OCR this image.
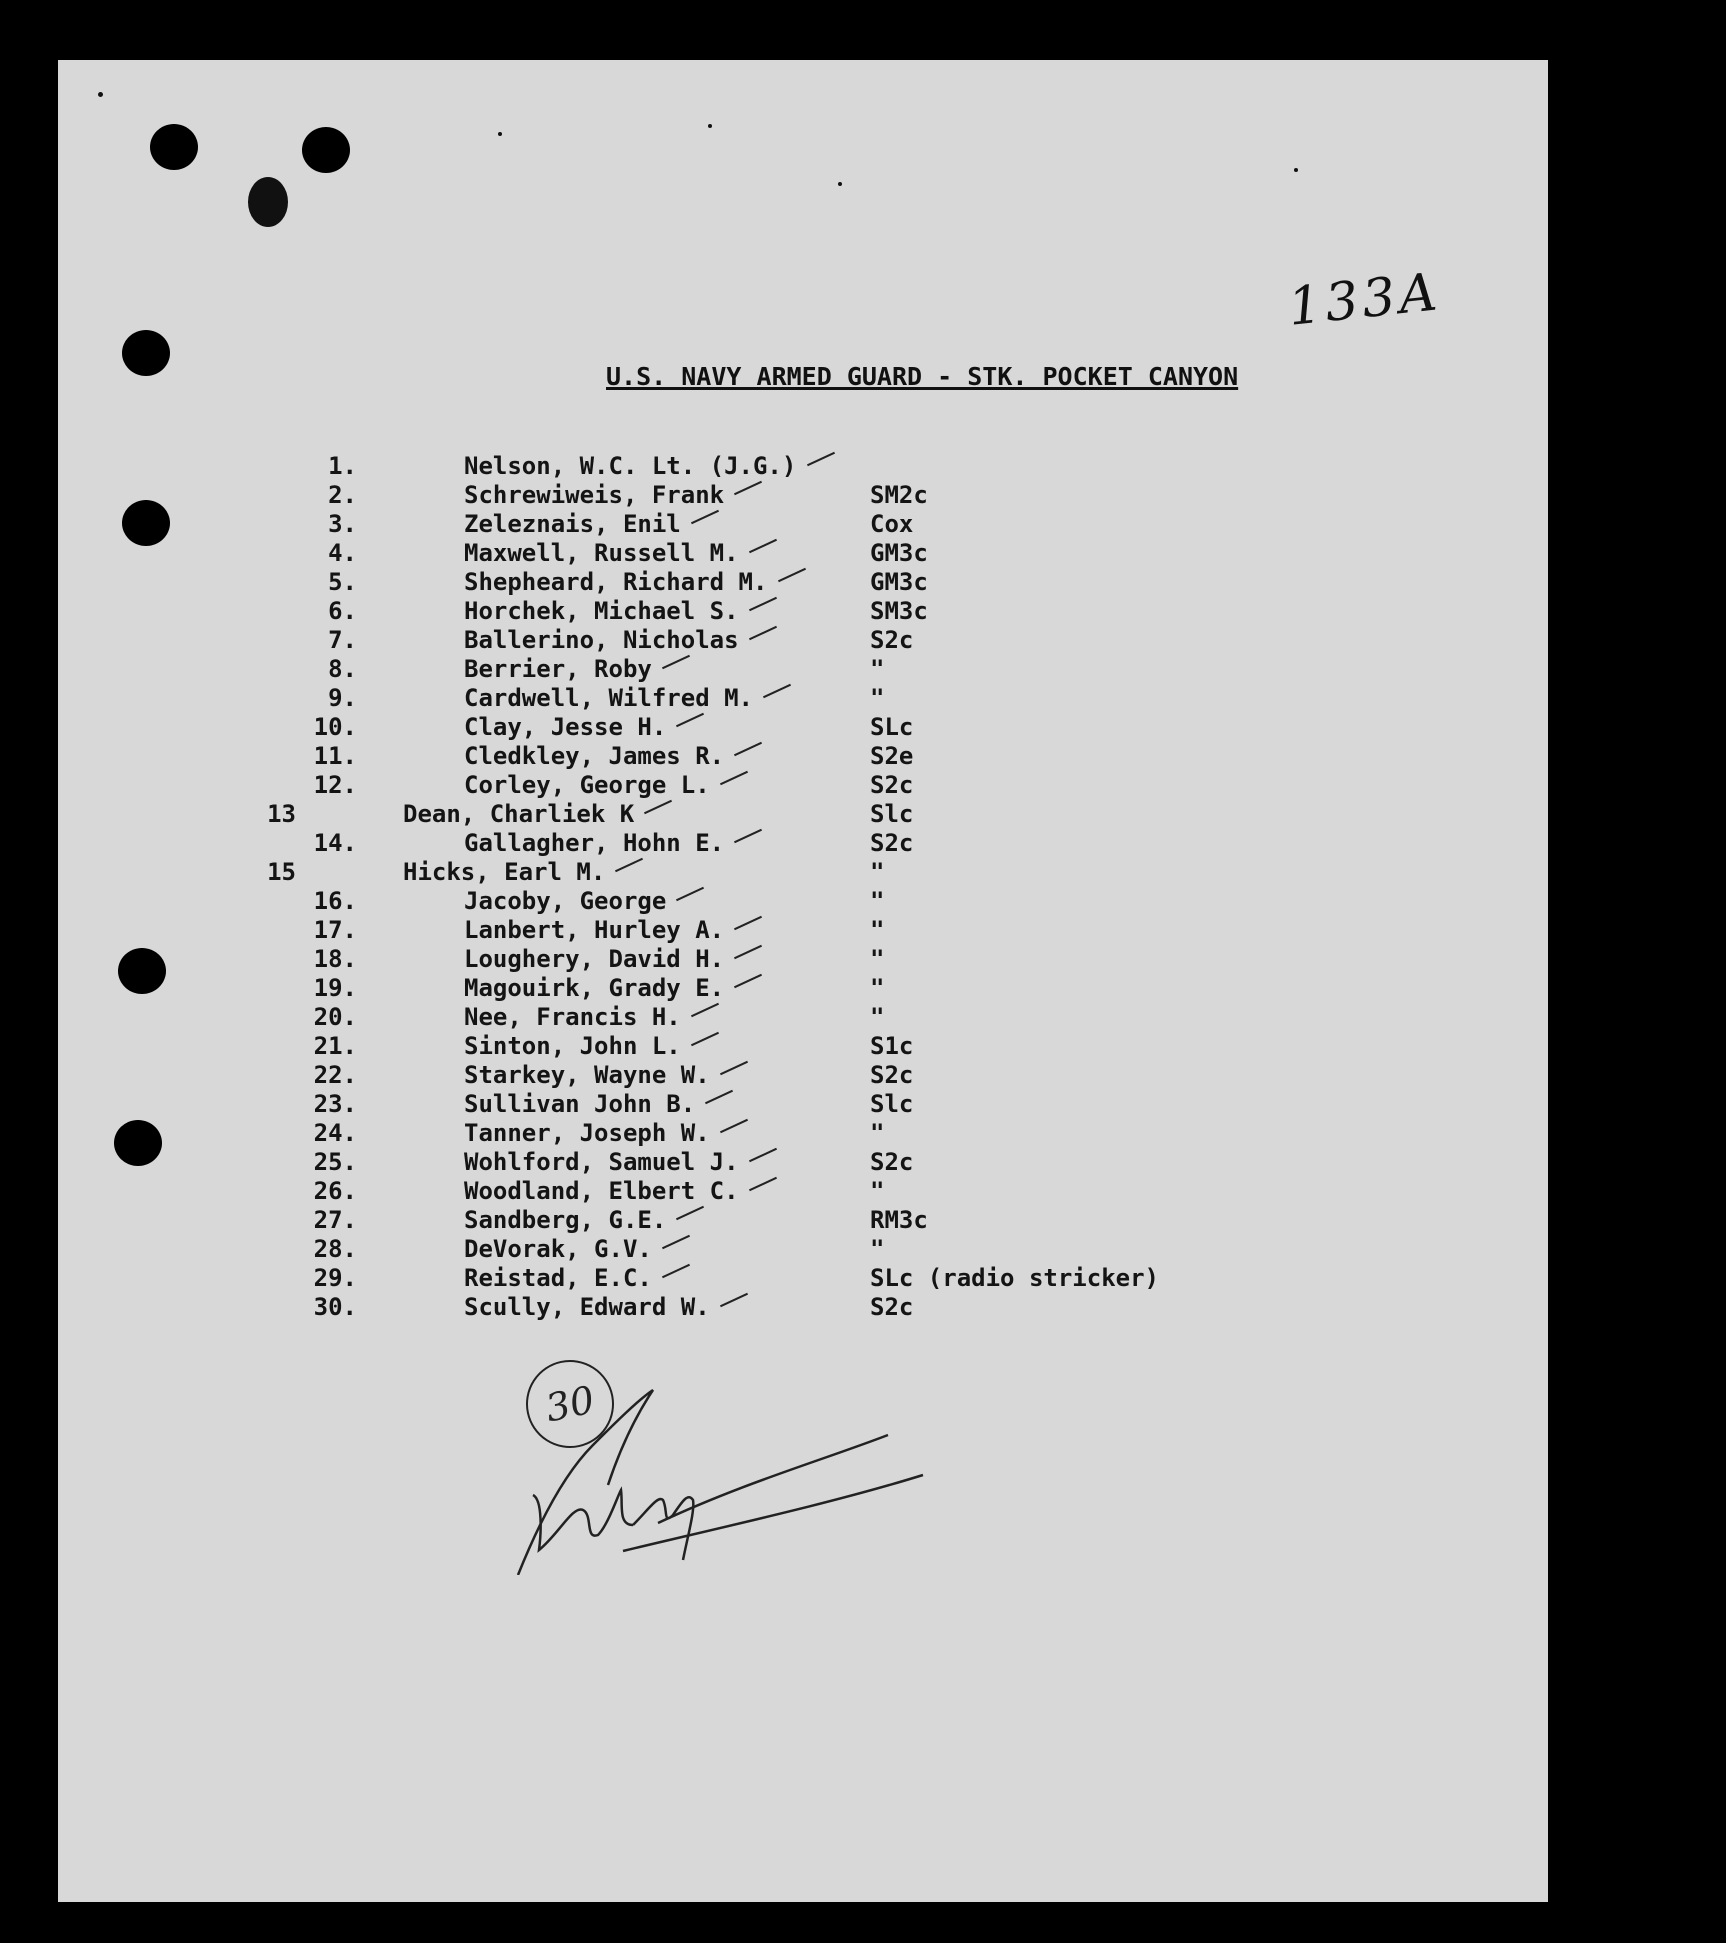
133A
U.S. NAVY ARMED GUARD - STK. POCKET CANYON
1.	Nelson, W.C. Lt. (J.G.)
2.	Schrewiweis, Frank	SM2c
3.	Zeleznais, Enil	Cox
4.	Maxwell, Russell M.	GM3c
5.	Shepheard, Richard M.	GM3c
6.	Horchek, Michael S.	SM3c
7.	Ballerino, Nicholas	S2c
8.	Berrier, Roby	"
9.	Cardwell, Wilfred M.	"
10.	Clay, Jesse H.	SLc
11.	Cledkley, James R.	S2e
12.	Corley, George L.	S2c
13	Dean, Charliek K	Slc
14.	Gallagher, Hohn E.	S2c
15	Hicks, Earl M.	"
16.	Jacoby, George	"
17.	Lanbert, Hurley A.	"
18.	Loughery, David H.	"
19.	Magouirk, Grady E.	"
20.	Nee, Francis H.	"
21.	Sinton, John L.	S1c
22.	Starkey, Wayne W.	S2c
23.	Sullivan John B.	Slc
24.	Tanner, Joseph W.	"
25.	Wohlford, Samuel J.	S2c
26.	Woodland, Elbert C.	"
27.	Sandberg, G.E.	RM3c
28.	DeVorak, G.V.	"
29.	Reistad, E.C.	SLc (radio stricker)
30.	Scully, Edward W.	S2c
30
